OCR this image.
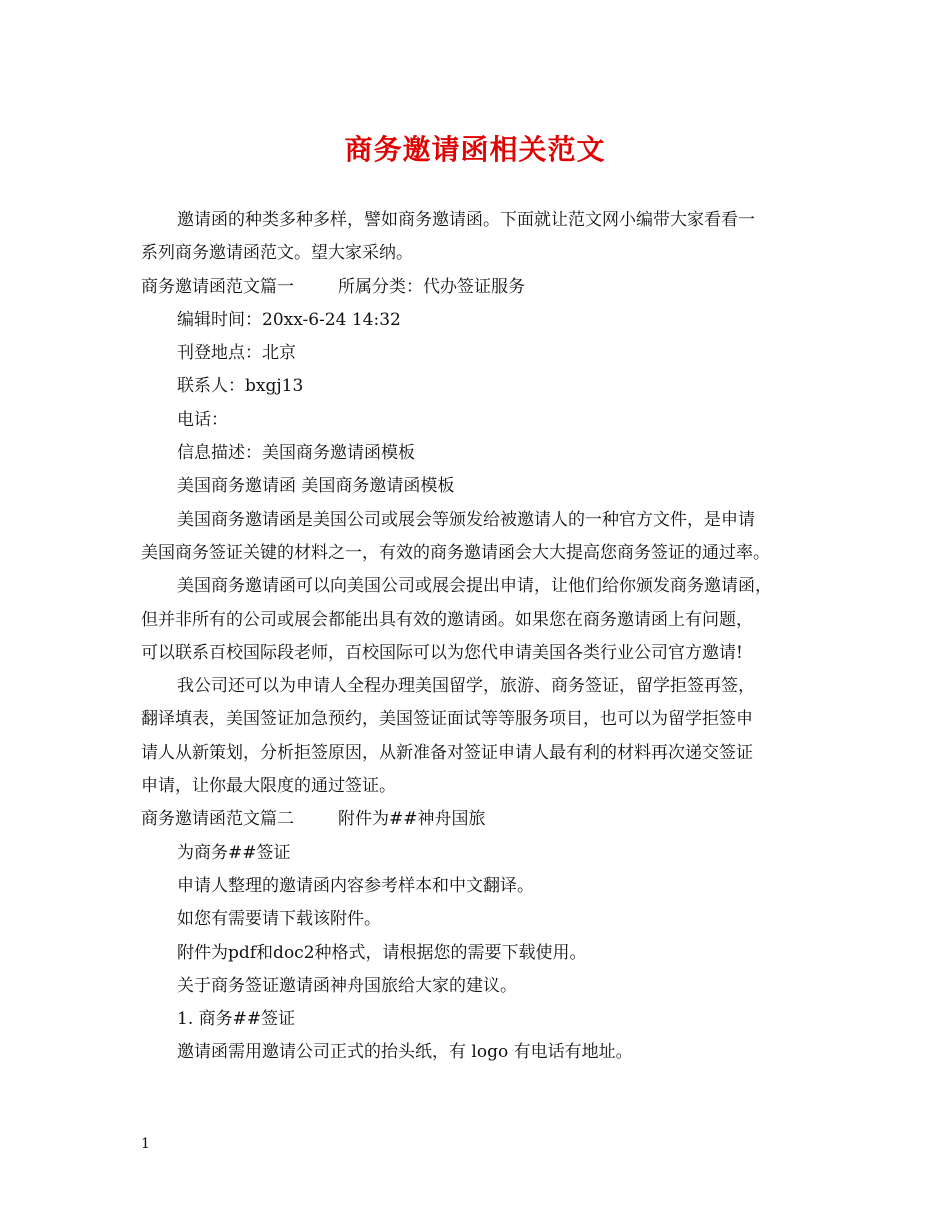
商务邀请函相关范文

邀请函的种类多种多样，譬如商务邀请函。下面就让范文网小编带大家看看一

系列商务邀请函范文。望大家采纳。

商务邀请函范文篇一	所属分类：代办签证服务

编辑时间：20xx-6-24 14:32

刊登地点：北京

联系人：bxgj13

电话：

信息描述：美国商务邀请函模板

美国商务邀请函 美国商务邀请函模板

美国商务邀请函是美国公司或展会等颁发给被邀请人的一种官方文件，是申请

美国商务签证关键的材料之一，有效的商务邀请函会大大提高您商务签证的通过率。

美国商务邀请函可以向美国公司或展会提出申请，让他们给你颁发商务邀请函，

但并非所有的公司或展会都能出具有效的邀请函。如果您在商务邀请函上有问题，

可以联系百校国际段老师，百校国际可以为您代申请美国各类行业公司官方邀请!

我公司还可以为申请人全程办理美国留学，旅游、商务签证，留学拒签再签，

翻译填表，美国签证加急预约，美国签证面试等等服务项目，也可以为留学拒签申

请人从新策划，分析拒签原因，从新准备对签证申请人最有利的材料再次递交签证

申请，让你最大限度的通过签证。

商务邀请函范文篇二	附件为##神舟国旅

为商务##签证

申请人整理的邀请函内容参考样本和中文翻译。

如您有需要请下载该附件。

附件为pdf和doc2种格式，请根据您的需要下载使用。

关于商务签证邀请函神舟国旅给大家的建议。

1. 商务##签证

邀请函需用邀请公司正式的抬头纸，有 logo 有电话有地址。

1
